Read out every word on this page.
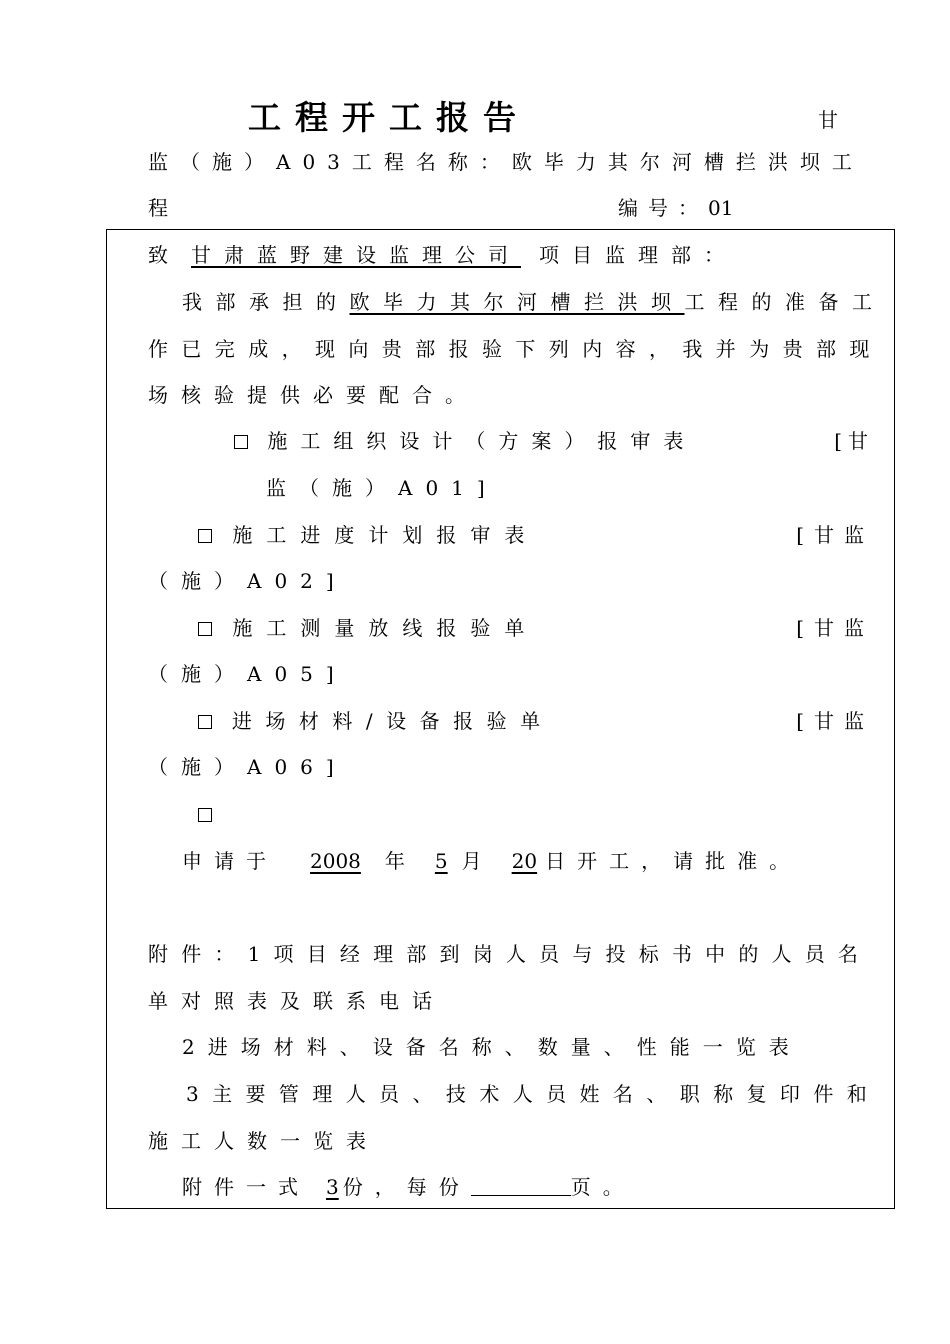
工程开工报告	甘
监（施）A03工程名称：欧毕力其尔河槽拦洪坝工
程	编号：01
致 甘肃蓝野建设监理公司 项目监理部：
我部承担的欧毕力其尔河槽拦洪坝工程的准备工
作已完成，现向贵部报验下列内容，我并为贵部现
场核验提供必要配合。
施工组织设计（方案）报审表	[甘
监（施）A01]
施工进度计划报审表	[甘监
（施）A02]
施工测量放线报验单	[甘监
（施）A05]
进场材料/设备报验单	[甘监
（施）A06]
申请于 2008 年 5 月 20 日开工，请批准。
附件：1项目经理部到岗人员与投标书中的人员名
单对照表及联系电话
2进场材料、设备名称、数量、性能一览表
3主要管理人员、技术人员姓名、职称复印件和
施工人数一览表
附件一式 3 份，每份	页。
